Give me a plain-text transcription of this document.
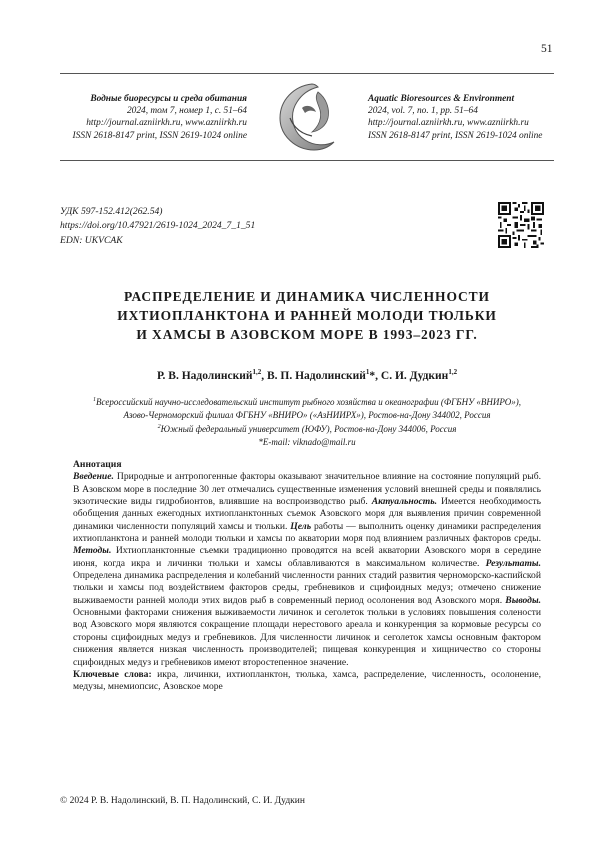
51
Водные биоресурсы и среда обитания
2024, том 7, номер 1, с. 51–64
http://journal.azniirkh.ru, www.azniirkh.ru
ISSN 2618-8147 print, ISSN 2619-1024 online
Aquatic Bioresources & Environment
2024, vol. 7, no. 1, pp. 51–64
http://journal.azniirkh.ru, www.azniirkh.ru
ISSN 2618-8147 print, ISSN 2619-1024 online
УДК 597-152.412(262.54)
https://doi.org/10.47921/2619-1024_2024_7_1_51
EDN: UKVCAK
РАСПРЕДЕЛЕНИЕ И ДИНАМИКА ЧИСЛЕННОСТИ
ИХТИОПЛАНКТОНА И РАННЕЙ МОЛОДИ ТЮЛЬКИ
И ХАМСЫ В АЗОВСКОМ МОРЕ В 1993–2023 ГГ.
Р. В. Надолинский$^{1,2}$, В. П. Надолинский$^1$*, С. И. Дудкин$^{1,2}$
$^1$Всероссийский научно-исследовательский институт рыбного хозяйства и океанографии (ФГБНУ «ВНИРО»),
Азово-Черноморский филиал ФГБНУ «ВНИРО» («АзНИИРХ»), Ростов-на-Дону 344002, Россия
$^2$Южный федеральный университет (ЮФУ), Ростов-на-Дону 344006, Россия
*E-mail: viknado@mail.ru
Аннотация

Введение. Природные и антропогенные факторы оказывают значительное влияние на состояние популяций рыб. В Азовском море в последние 30 лет отмечались существенные изменения условий внешней среды и появлялись экзотические виды гидробионтов, влиявшие на воспроизводство рыб. Актуальность. Имеется необходимость обобщения данных ежегодных ихтиопланктонных съемок Азовского моря для выявления причин современной динамики численности популяций хамсы и тюльки. Цель работы — выполнить оценку динамики распределения ихтиопланктона и ранней молоди тюльки и хамсы по акватории моря под влиянием различных факторов среды. Методы. Ихтиопланктонные съемки традиционно проводятся на всей акватории Азовского моря в середине июня, когда икра и личинки тюльки и хамсы облавливаются в максимальном количестве. Результаты. Определена динамика распределения и колебаний численности ранних стадий развития черноморско-каспийской тюльки и хамсы под воздействием факторов среды, гребневиков и сцифоидных медуз; отмечено снижение выживаемости ранней молоди этих видов рыб в современный период осолонения вод Азовского моря. Выводы. Основными факторами снижения выживаемости личинок и сеголеток тюльки в условиях повышения солености вод Азовского моря являются сокращение площади нерестового ареала и конкуренция за кормовые ресурсы со стороны сцифоидных медуз и гребневиков. Для численности личинок и сеголеток хамсы основным фактором снижения является низкая численность производителей; пищевая конкуренция и хищничество со стороны сцифоидных медуз и гребневиков имеют второстепенное значение.

Ключевые слова: икра, личинки, ихтиопланктон, тюлька, хамса, распределение, численность, осолонение, медузы, мнемиопсис, Азовское море

© 2024 Р. В. Надолинский, В. П. Надолинский, С. И. Дудкин
